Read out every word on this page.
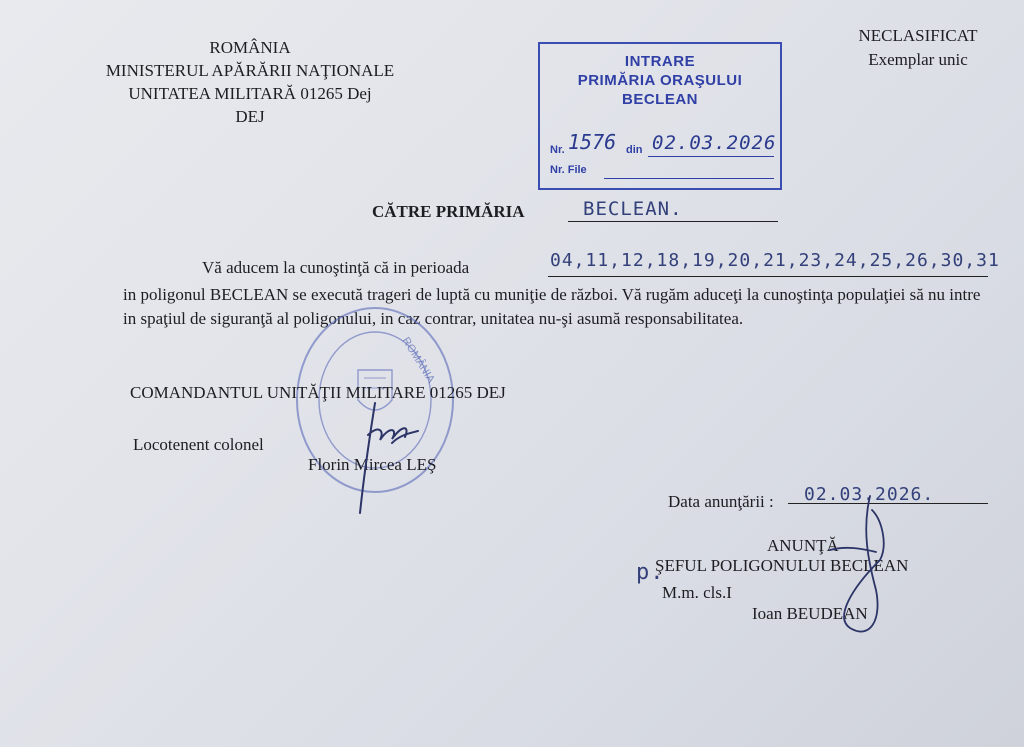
ROMÂNIA
MINISTERUL APĂRĂRII NAŢIONALE
UNITATEA MILITARĂ 01265 Dej
DEJ
NECLASIFICAT
Exemplar unic
INTRARE
PRIMĂRIA ORAŞULUI
BECLEAN
Nr. 1576 din 02.03.2026
Nr. File
CĂTRE PRIMĂRIA	BECLEAN.
Vă aducem la cunoştinţă că in perioada	04,11,12,18,19,20,21,23,24,25,26,30,31
in poligonul BECLEAN se execută trageri de luptă cu muniţie de război. Vă rugăm aduceţi la cunoştinţa populaţiei să nu intre in spaţiul de siguranţă al poligonului, in caz contrar, unitatea nu-şi asumă responsabilitatea.
ROMÂNIA
COMANDANTUL UNITĂŢII MILITARE 01265 DEJ
Locotenent colonel
Florin Mircea LEŞ
Data anunţării : 02.03.2026.
ANUNŢĂ
p.
ŞEFUL POLIGONULUI BECLEAN
M.m. cls.I
Ioan BEUDEAN
